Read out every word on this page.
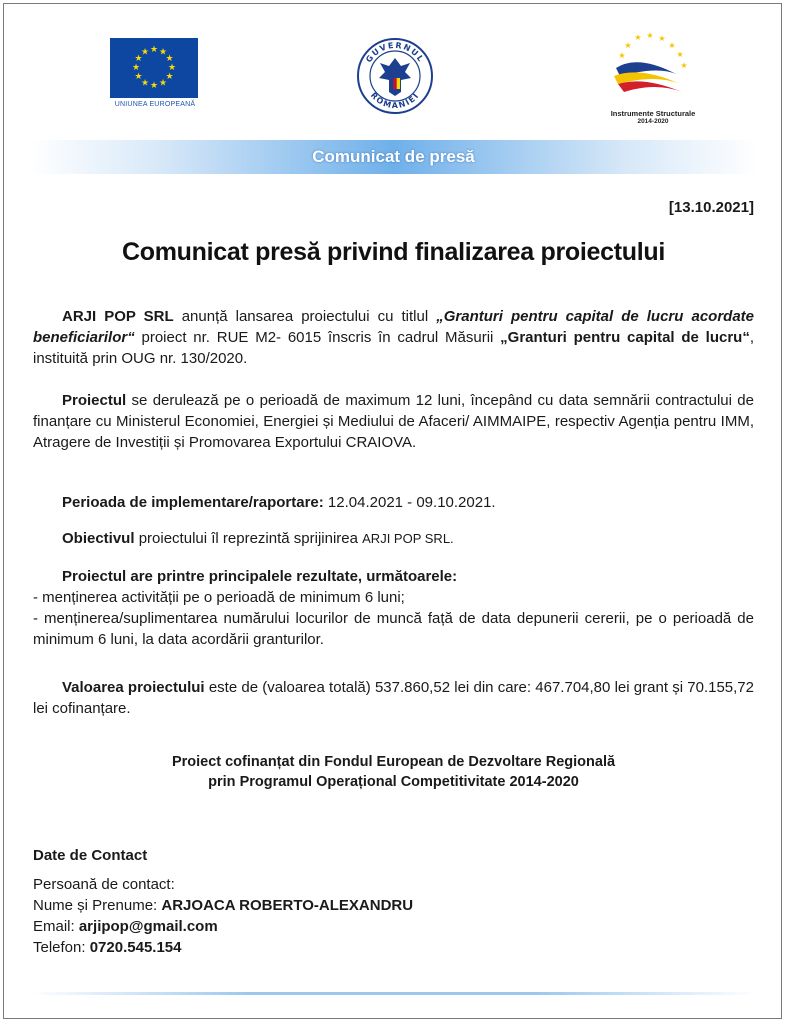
★ ★
★
★
★
★
★
★
★
★
★
★
UNIUNEA EUROPEANĂ
GUVERNUL
ROMÂNIEI
★
★ ★ ★
★
★
★
★
Instrumente Structurale
2014-2020
Comunicat de presă
[13.10.2021]
Comunicat presă privind finalizarea proiectului

ARJI POP SRL anunță lansarea proiectului cu titlul „Granturi pentru capital de lucru acordate beneficiarilor“ proiect nr. RUE M2- 6015 înscris în cadrul Măsurii „Granturi pentru capital de lucru“, instituită prin OUG nr. 130/2020.

Proiectul se derulează pe o perioadă de maximum 12 luni, începând cu data semnării contractului de finanțare cu Ministerul Economiei, Energiei și Mediului de Afaceri/ AIMMAIPE, respectiv Agenția pentru IMM, Atragere de Investiții și Promovarea Exportului CRAIOVA.

Perioada de implementare/raportare: 12.04.2021 - 09.10.2021.

Obiectivul proiectului îl reprezintă sprijinirea ARJI POP SRL.

Proiectul are printre principalele rezultate, următoarele:

- menținerea activității pe o perioadă de minimum 6 luni;

- menținerea/suplimentarea numărului locurilor de muncă față de data depunerii cererii, pe o perioadă de minimum 6 luni, la data acordării granturilor.

Valoarea proiectului este de (valoarea totală) 537.860,52 lei din care: 467.704,80 lei grant și 70.155,72 lei cofinanțare.

Proiect cofinanțat din Fondul European de Dezvoltare Regională
prin Programul Operațional Competitivitate 2014-2020
Date de Contact
Persoană de contact:
Nume și Prenume: ARJOACA ROBERTO-ALEXANDRU
Email: arjipop@gmail.com
Telefon: 0720.545.154
